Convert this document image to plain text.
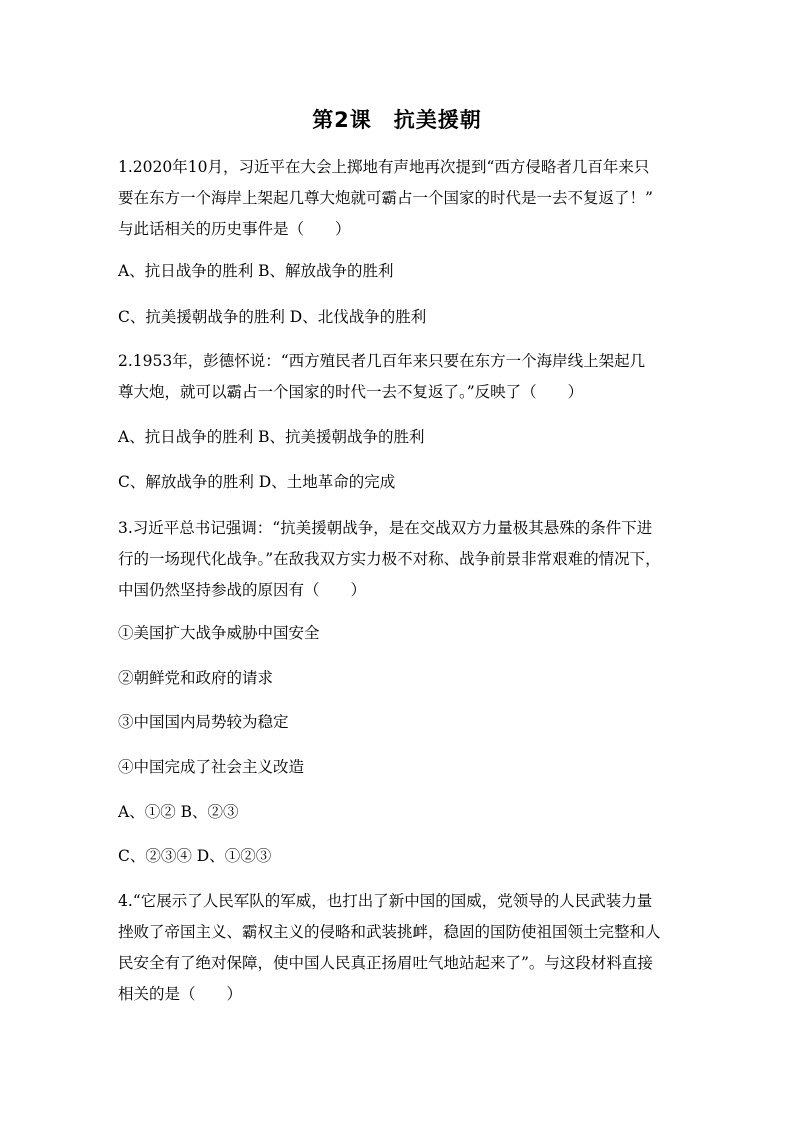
第2课　抗美援朝
1.2020年10月，习近平在大会上掷地有声地再次提到“西方侵略者几百年来只
要在东方一个海岸上架起几尊大炮就可霸占一个国家的时代是一去不复返了！”
与此话相关的历史事件是（　　）
A、抗日战争的胜利 B、解放战争的胜利
C、抗美援朝战争的胜利 D、北伐战争的胜利
2.1953年，彭德怀说：“西方殖民者几百年来只要在东方一个海岸线上架起几
尊大炮，就可以霸占一个国家的时代一去不复返了。”反映了（　　）
A、抗日战争的胜利 B、抗美援朝战争的胜利
C、解放战争的胜利 D、土地革命的完成
3.习近平总书记强调：“抗美援朝战争，是在交战双方力量极其悬殊的条件下进
行的一场现代化战争。”在敌我双方实力极不对称、战争前景非常艰难的情况下，
中国仍然坚持参战的原因有（　　）
①美国扩大战争威胁中国安全
②朝鲜党和政府的请求
③中国国内局势较为稳定
④中国完成了社会主义改造
A、①② B、②③
C、②③④ D、①②③
4.“它展示了人民军队的军威，也打出了新中国的国威，党领导的人民武装力量
挫败了帝国主义、霸权主义的侵略和武装挑衅，稳固的国防使祖国领土完整和人
民安全有了绝对保障，使中国人民真正扬眉吐气地站起来了”。与这段材料直接
相关的是（　　）
